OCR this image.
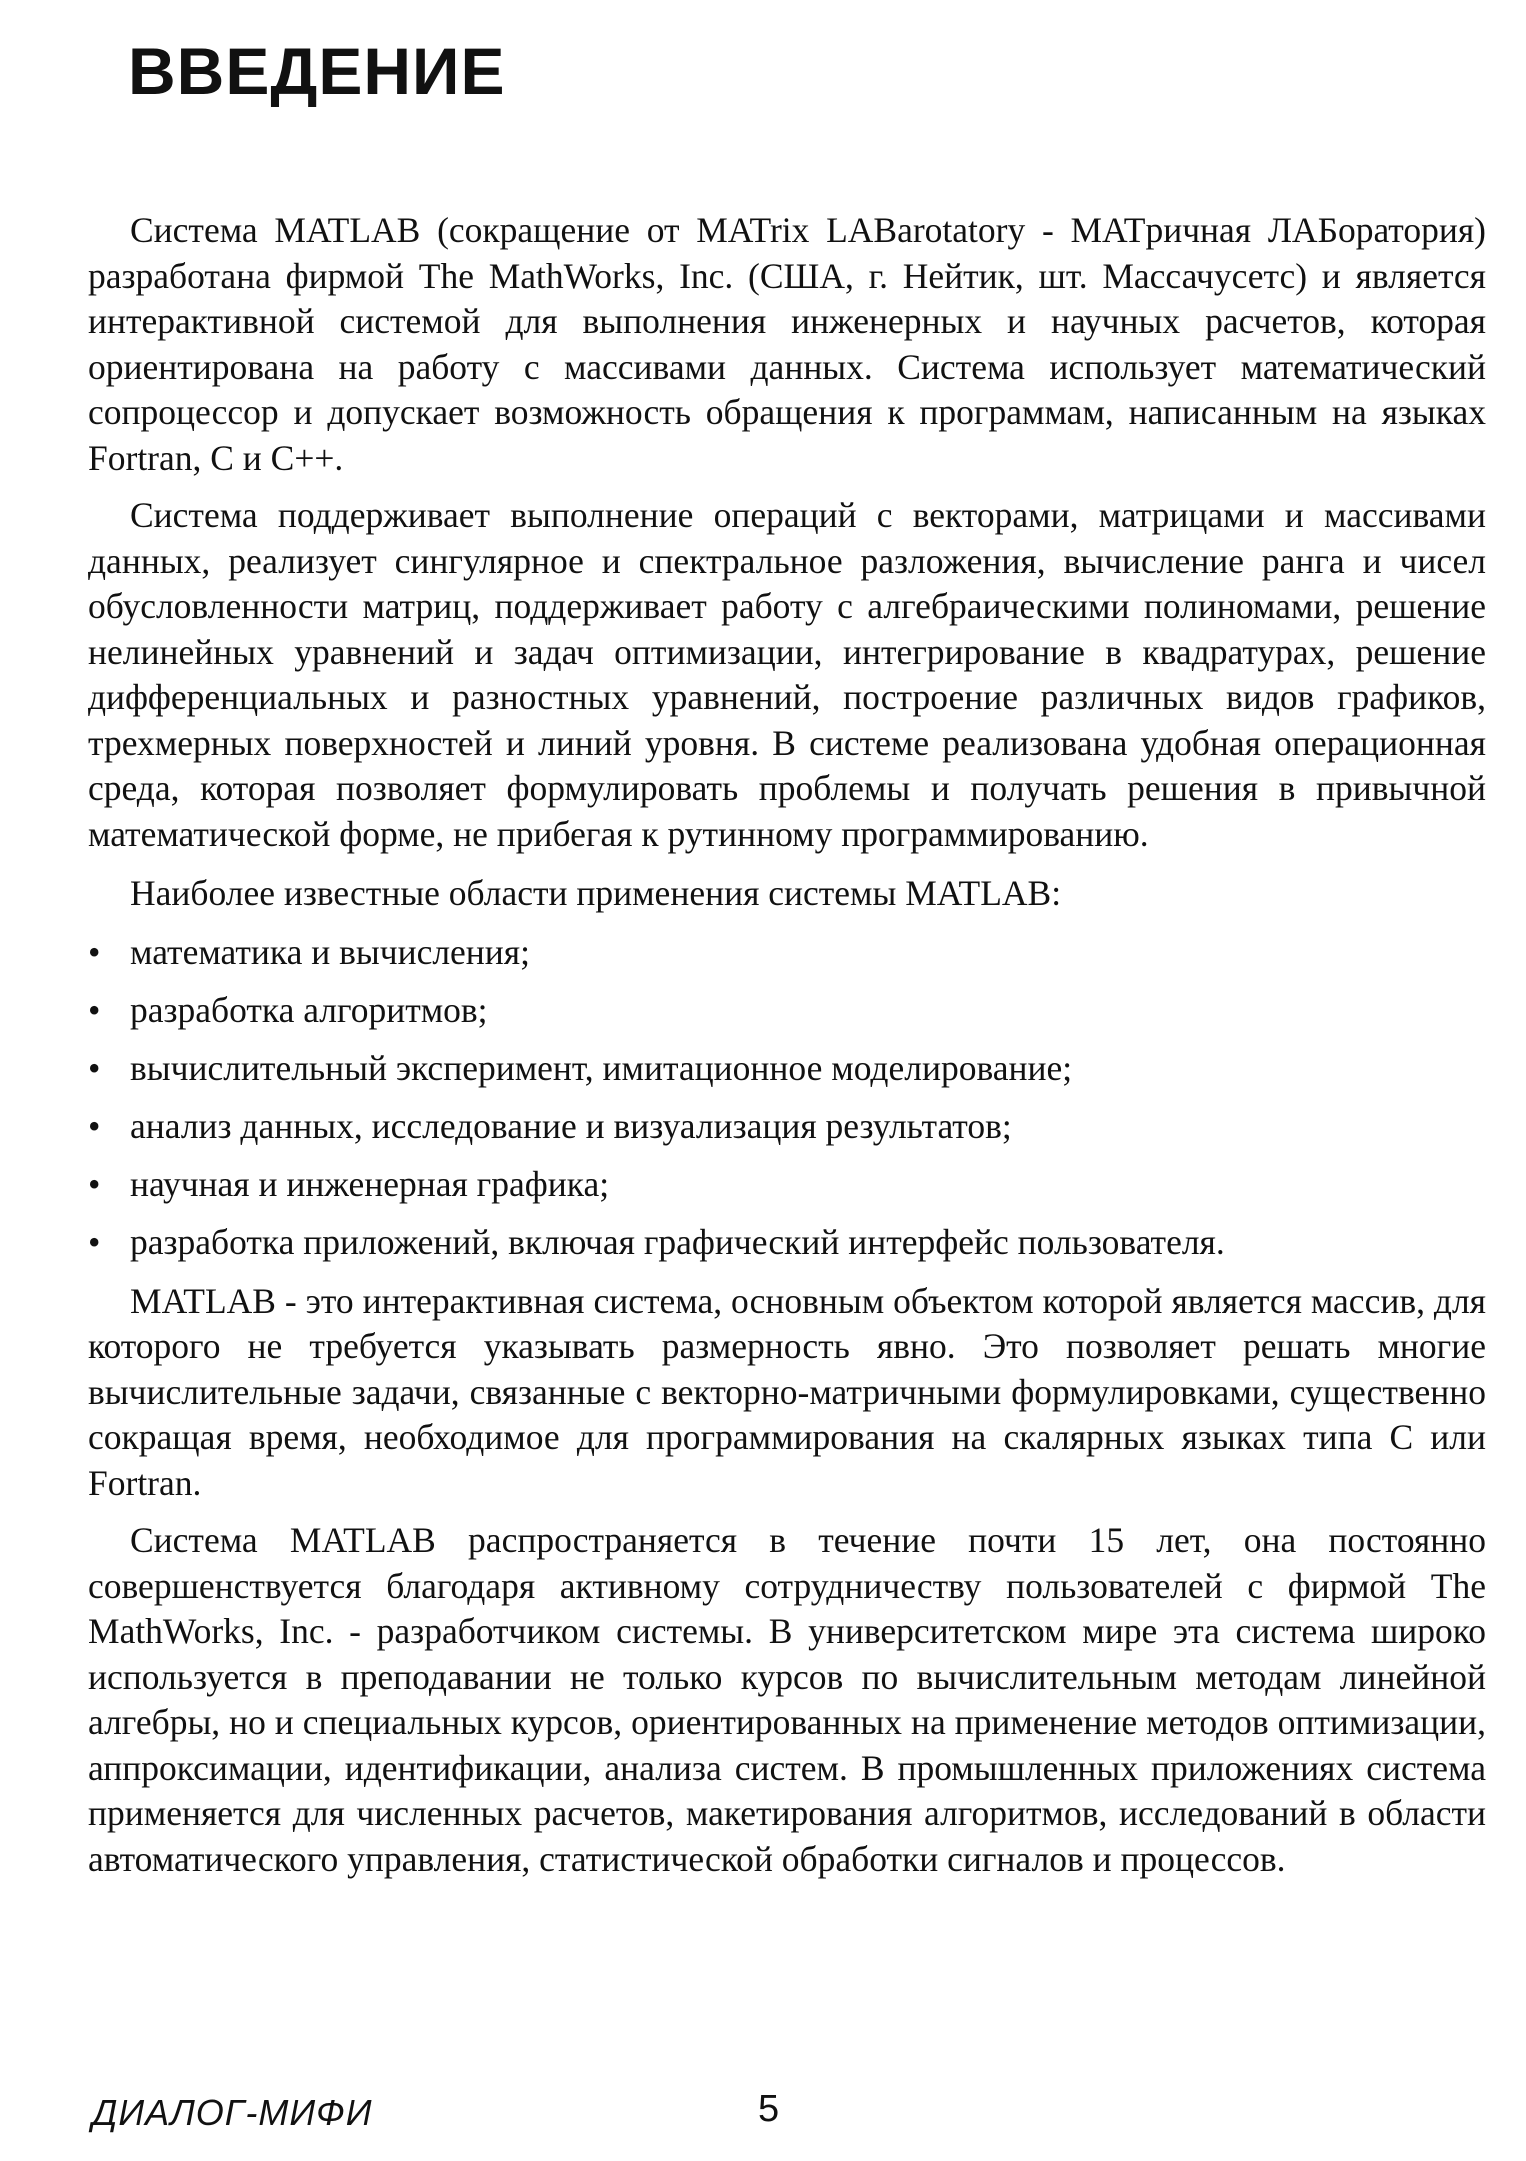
ВВЕДЕНИЕ

Система MATLAB (сокращение от MATrix LABarotatory - MATричная ЛАБоратория) разработана фирмой The MathWorks, Inc. (США, г. Нейтик, шт. Массачусетс) и является интерактивной системой для выполнения инженерных и научных расчетов, которая ориентирована на работу с массивами данных. Система использует математический сопроцессор и допускает возможность обращения к программам, написанным на языках Fortran, C и C++.

Система поддерживает выполнение операций с векторами, матрицами и массивами данных, реализует сингулярное и спектральное разложения, вычисление ранга и чисел обусловленности матриц, поддерживает работу с алгебраическими полиномами, решение нелинейных уравнений и задач оптимизации, интегрирование в квадратурах, решение дифференциальных и разностных уравнений, построение различных видов графиков, трехмерных поверхностей и линий уровня. В системе реализована удобная операционная среда, которая позволяет формулировать проблемы и получать решения в привычной математической форме, не прибегая к рутинному программированию.

Наиболее известные области применения системы MATLAB:

• математика и вычисления;
• разработка алгоритмов;
• вычислительный эксперимент, имитационное моделирование;
• анализ данных, исследование и визуализация результатов;
• научная и инженерная графика;
• разработка приложений, включая графический интерфейс пользователя.

MATLAB - это интерактивная система, основным объектом которой является массив, для которого не требуется указывать размерность явно. Это позволяет решать многие вычислительные задачи, связанные с векторно-матричными формулировками, существенно сокращая время, необходимое для программирования на скалярных языках типа C или Fortran.

Система MATLAB распространяется в течение почти 15 лет, она постоянно совершенствуется благодаря активному сотрудничеству пользователей с фирмой The MathWorks, Inc. - разработчиком системы. В университетском мире эта система широко используется в преподавании не только курсов по вычислительным методам линейной алгебры, но и специальных курсов, ориентированных на применение методов оптимизации, аппроксимации, идентификации, анализа систем. В промышленных приложениях система применяется для численных расчетов, макетирования алгоритмов, исследований в области автоматического управления, статистической обработки сигналов и процессов.

ДИАЛОГ-МИФИ	5
